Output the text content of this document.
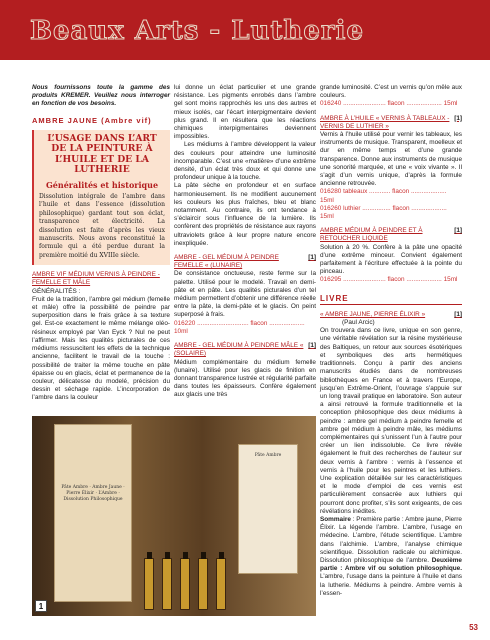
Beaux Arts - Lutherie

Nous fournissons toute la gamme des produits KREMER. Veuillez nous interroger en fonction de vos besoins.

AMBRE JAUNE (Ambre vif)
L’USAGE DANS L’ART DE LA PEINTURE À L’HUILE ET DE LA LUTHERIE
Généralités et historique

Dissolution intégrale de l’ambre dans l’huile et dans l’essence (dissolution philosophique) gardant tout son éclat, transparence et électricité. La dissolution est faite d’après les vieux manuscrits. Nous avons reconstitué la formule qui a été perdue durant la première moitié du XVIIIe siècle.

AMBRE VIF MÉDIUM VERNIS À PEINDRE - FEMELLE ET MÂLE
GÉNÉRALITÉS :

Fruit de la tradition, l’ambre gel médium (femelle et mâle) offre la possibilité de peindre par superposition dans le frais grâce à sa texture gel. Est-ce exactement le même mélange oléo-résineux employé par Van Eyck ? Nul ne peut l’affirmer. Mais les qualités picturales de ces médiums ressuscitent les effets de la technique ancienne, facilitent le travail de la touche : possibilité de traiter la même touche en pâte épaisse ou en glacis, éclat et permanence de la couleur, délicatesse du modelé, précision du dessin et séchage rapide. L’incorporation de l’ambre dans la couleur

lui donne un éclat particulier et une grande résistance. Les pigments enrobés dans l’ambre gel sont moins rapprochés les uns des autres et mieux isolés, car l’écart interpigmentaire devient plus grand. Il en résultera que les réactions chimiques interpigmentaires deviennent impossibles.

Les médiums à l’ambre développent la valeur des couleurs pour atteindre une luminosité incomparable. C’est une «matière» d’une extrême densité, d’un éclat très doux et qui donne une profondeur unique à la touche.

La pâte sèche en profondeur et en surface harmonieusement. Ils ne modifient aucunement les couleurs les plus fraîches, bleu et blanc notamment. Au contraire, ils ont tendance à s’éclaircir sous l’influence de la lumière. Ils confèrent des propriétés de résistance aux rayons ultraviolets grâce à leur propre nature encore inexpliquée.

AMBRE - GEL MÉDIUM À PEINDRE FEMELLE « (LUNAIRE)
[1]

De consistance onctueuse, reste ferme sur la palette. Utilisé pour le modelé. Travail en demi-pâte et en pâte. Les qualités picturales d’un tel médium permettent d’obtenir une différence réelle entre la pâte, la demi-pâte et le glacis. On peint superposé à frais.

016220 ............................. flacon .................... 10ml
AMBRE - GEL MÉDIUM À PEINDRE MÂLE « (SOLAIRE)
[1]

Médium complémentaire du médium femelle (lunaire). Utilisé pour les glacis de finition en donnant transparence lustrée et régularité parfaite dans toutes les épaisseurs. Confère également aux glacis une très

Pâte Ambre · Ambre Jaune · Pierre Élixir · L’Ambre · Dissolution Philosophique
Pâte Ambre
1

grande luminosité. C’est un vernis qu’on mêle aux couleurs.

016240 ........................ flacon .................... 15ml
AMBRE À L’HUILE « VERNIS À TABLEAUX - VERNIS DE LUTHIER »
[1]

Vernis à l’huile utilisé pour vernir les tableaux, les instruments de musique. Transparent, moelleux et dur en même temps et d’une grande transparence. Donne aux instruments de musique une sonorité marquée, et une « voix vivante ». Il s’agit d’un vernis unique, d’après la formule ancienne retrouvée.

016280 tableaux ............ flacon .................... 15ml
016260 luthier ................ flacon .................... 15ml
AMBRE MÉDIUM À PEINDRE ET À RETOUCHER LIQUIDE
[1]

Solution à 20 %. Confère à la pâte une opacité d’une extrême minceur. Convient également parfaitement à l’écriture effectuée à la pointe du pinceau.

016295 ........................ flacon .................... 15ml
LIVRE
« AMBRE JAUNE, PIERRE ÉLIXIR »	[1]
(Paul Arcic)

On trouvera dans ce livre, unique en son genre, une véritable révélation sur la résine mystérieuse des Baltiques, un retour aux sources ésotériques et symboliques des arts hermétiques traditionnels. Conçu à partir des anciens manuscrits étudiés dans de nombreuses bibliothèques en France et à travers l’Europe, jusqu’en Extrême-Orient, l’ouvrage s’appuie sur un long travail pratique en laboratoire. Son auteur a ainsi retrouvé la formule traditionnelle et la conception philosophique des deux médiums à peindre : ambre gel médium à peindre femelle et ambre gel médium à peindre mâle, les médiums complémentaires qui s’unissent l’un à l’autre pour créer un lien indissoluble. Ce livre révèle également le fruit des recherches de l’auteur sur deux vernis à l’ambre : vernis à l’essence et vernis à l’huile pour les peintres et les luthiers. Une explication détaillée sur les caractéristiques et le mode d’emploi de ces vernis est particulièrement consacrée aux luthiers qui pourront donc profiter, s’ils sont exigeants, de ces révélations inédites.

Sommaire : Première partie : Ambre jaune, Pierre Élixir. La légende l’ambre. L’ambre, l’usage en médecine. L’ambre, l’étude scientifique. L’ambre dans l’alchimie. L’ambre, l’analyse chimique scientifique. Dissolution radicale ou alchimique. Dissolution philosophique de l’ambre. Deuxième partie : Ambre vif ou solution philosophique. L’ambre, l’usage dans la peinture à l’huile et dans la lutherie. Médiums à peindre. Ambre vernis à l’essen-

53
